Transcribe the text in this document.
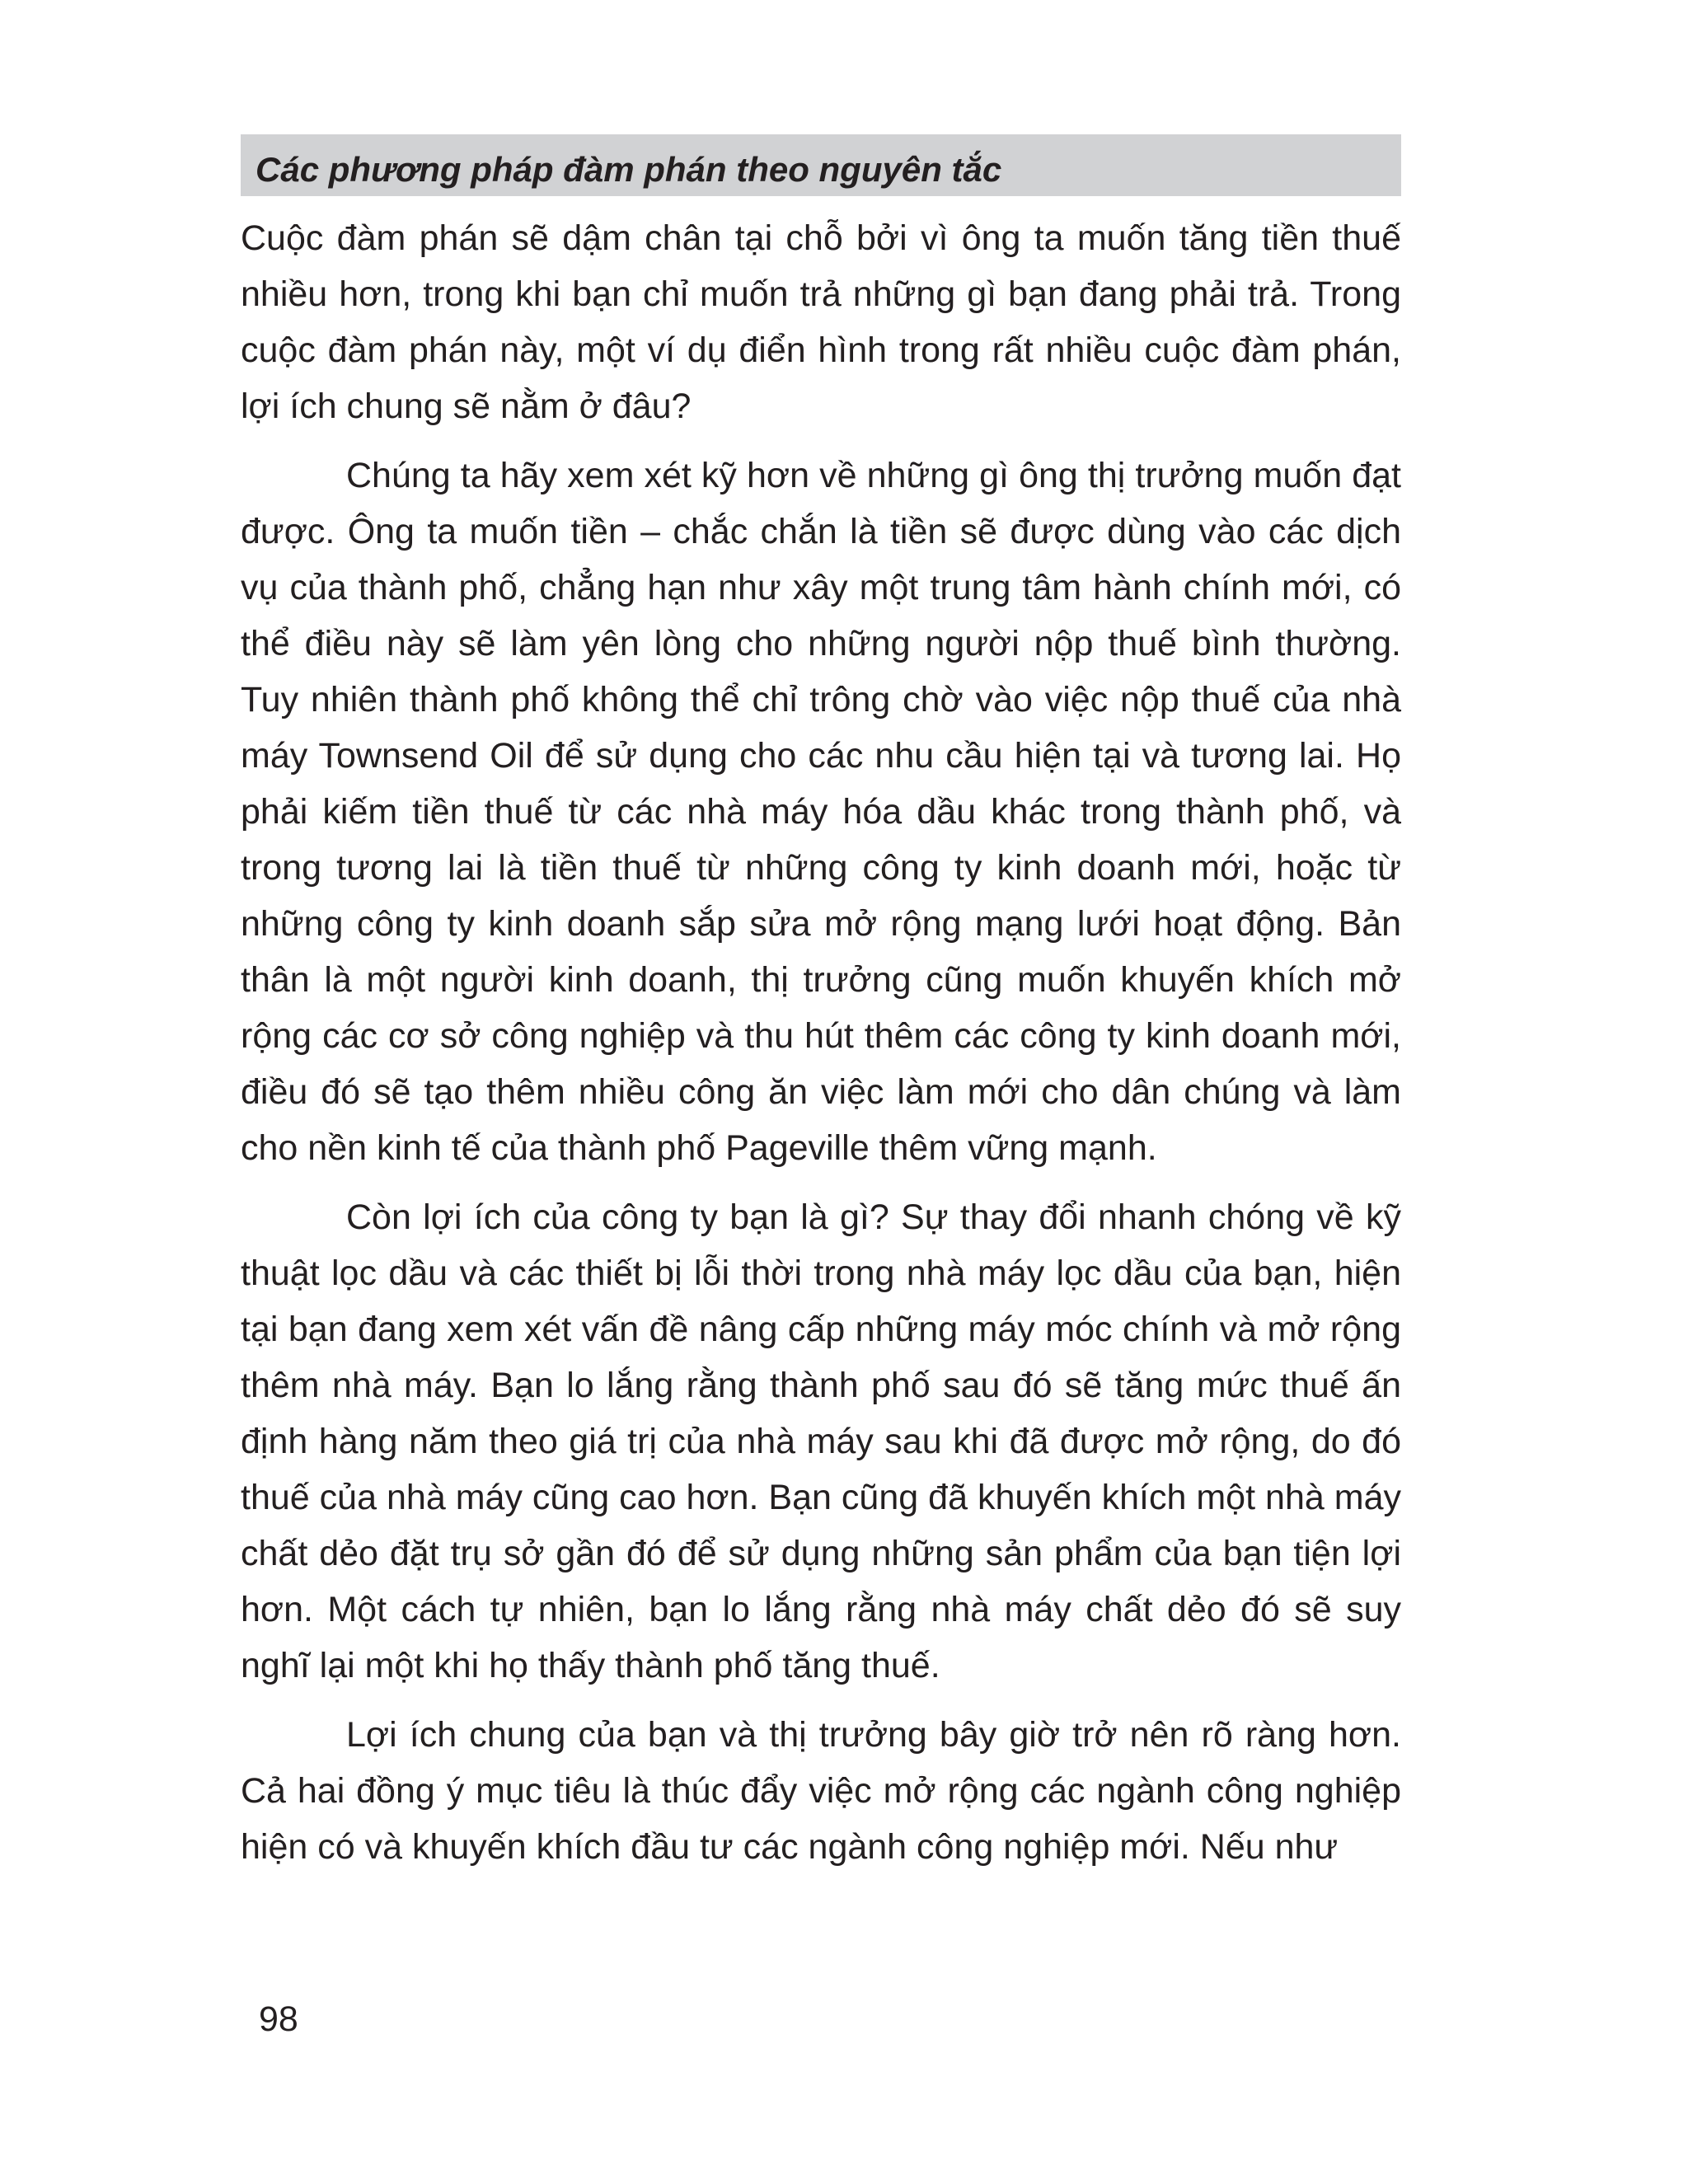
Các phương pháp đàm phán theo nguyên tắc

Cuộc đàm phán sẽ dậm chân tại chỗ bởi vì ông ta muốn tăng tiền thuế nhiều hơn, trong khi bạn chỉ muốn trả những gì bạn đang phải trả. Trong cuộc đàm phán này, một ví dụ điển hình trong rất nhiều cuộc đàm phán, lợi ích chung sẽ nằm ở đâu?

Chúng ta hãy xem xét kỹ hơn về những gì ông thị trưởng muốn đạt được. Ông ta muốn tiền – chắc chắn là tiền sẽ được dùng vào các dịch vụ của thành phố, chẳng hạn như xây một trung tâm hành chính mới, có thể điều này sẽ làm yên lòng cho những người nộp thuế bình thường. Tuy nhiên thành phố không thể chỉ trông chờ vào việc nộp thuế của nhà máy Townsend Oil để sử dụng cho các nhu cầu hiện tại và tương lai. Họ phải kiếm tiền thuế từ các nhà máy hóa dầu khác trong thành phố, và trong tương lai là tiền thuế từ những công ty kinh doanh mới, hoặc từ những công ty kinh doanh sắp sửa mở rộng mạng lưới hoạt động. Bản thân là một người kinh doanh, thị trưởng cũng muốn khuyến khích mở rộng các cơ sở công nghiệp và thu hút thêm các công ty kinh doanh mới, điều đó sẽ tạo thêm nhiều công ăn việc làm mới cho dân chúng và làm cho nền kinh tế của thành phố Pageville thêm vững mạnh.

Còn lợi ích của công ty bạn là gì? Sự thay đổi nhanh chóng về kỹ thuật lọc dầu và các thiết bị lỗi thời trong nhà máy lọc dầu của bạn, hiện tại bạn đang xem xét vấn đề nâng cấp những máy móc chính và mở rộng thêm nhà máy. Bạn lo lắng rằng thành phố sau đó sẽ tăng mức thuế ấn định hàng năm theo giá trị của nhà máy sau khi đã được mở rộng, do đó thuế của nhà máy cũng cao hơn. Bạn cũng đã khuyến khích một nhà máy chất dẻo đặt trụ sở gần đó để sử dụng những sản phẩm của bạn tiện lợi hơn. Một cách tự nhiên, bạn lo lắng rằng nhà máy chất dẻo đó sẽ suy nghĩ lại một khi họ thấy thành phố tăng thuế.

Lợi ích chung của bạn và thị trưởng bây giờ trở nên rõ ràng hơn. Cả hai đồng ý mục tiêu là thúc đẩy việc mở rộng các ngành công nghiệp hiện có và khuyến khích đầu tư các ngành công nghiệp mới. Nếu như

98
